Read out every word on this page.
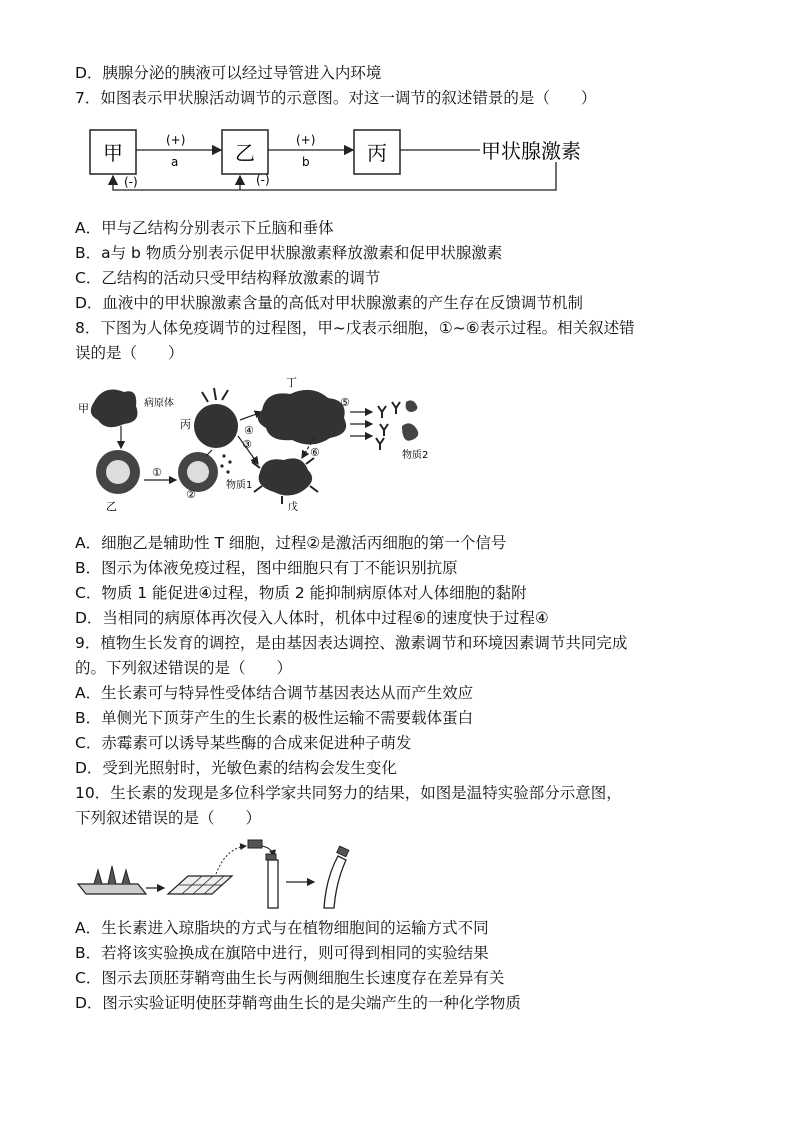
D．胰腺分泌的胰液可以经过导管进入内环境
7．如图表示甲状腺活动调节的示意图。对这一调节的叙述错景的是（　　）
甲	乙	丙
(+)
a
(+)
b	甲状腺激素
(-)	(-)
A．甲与乙结构分别表示下丘脑和垂体
B．a与 b 物质分别表示促甲状腺激素释放激素和促甲状腺激素
C．乙结构的活动只受甲结构释放激素的调节
D．血液中的甲状腺激素含量的高低对甲状腺激素的产生存在反馈调节机制
8．下图为人体免疫调节的过程图，甲~戊表示细胞，①~⑥表示过程。相关叙述错
误的是（　　）
甲	病原体
乙
①
②
丙
物质1
③
④
丁
戊
⑥
⑤
物质2
A．细胞乙是辅助性 T 细胞，过程②是激活丙细胞的第一个信号
B．图示为体液免疫过程，图中细胞只有丁不能识别抗原
C．物质 1 能促进④过程，物质 2 能抑制病原体对人体细胞的黏附
D．当相同的病原体再次侵入人体时，机体中过程⑥的速度快于过程④
9．植物生长发育的调控，是由基因表达调控、激素调节和环境因素调节共同完成
的。下列叙述错误的是（　　）
A．生长素可与特异性受体结合调节基因表达从而产生效应
B．单侧光下顶芽产生的生长素的极性运输不需要载体蛋白
C．赤霉素可以诱导某些酶的合成来促进种子萌发
D．受到光照射时，光敏色素的结构会发生变化
10．生长素的发现是多位科学家共同努力的结果，如图是温特实验部分示意图，
下列叙述错误的是（　　）
A．生长素进入琼脂块的方式与在植物细胞间的运输方式不同
B．若将该实验换成在旗陪中进行，则可得到相同的实验结果
C．图示去顶胚芽鞘弯曲生长与两侧细胞生长速度存在差异有关
D．图示实验证明使胚芽鞘弯曲生长的是尖端产生的一种化学物质
